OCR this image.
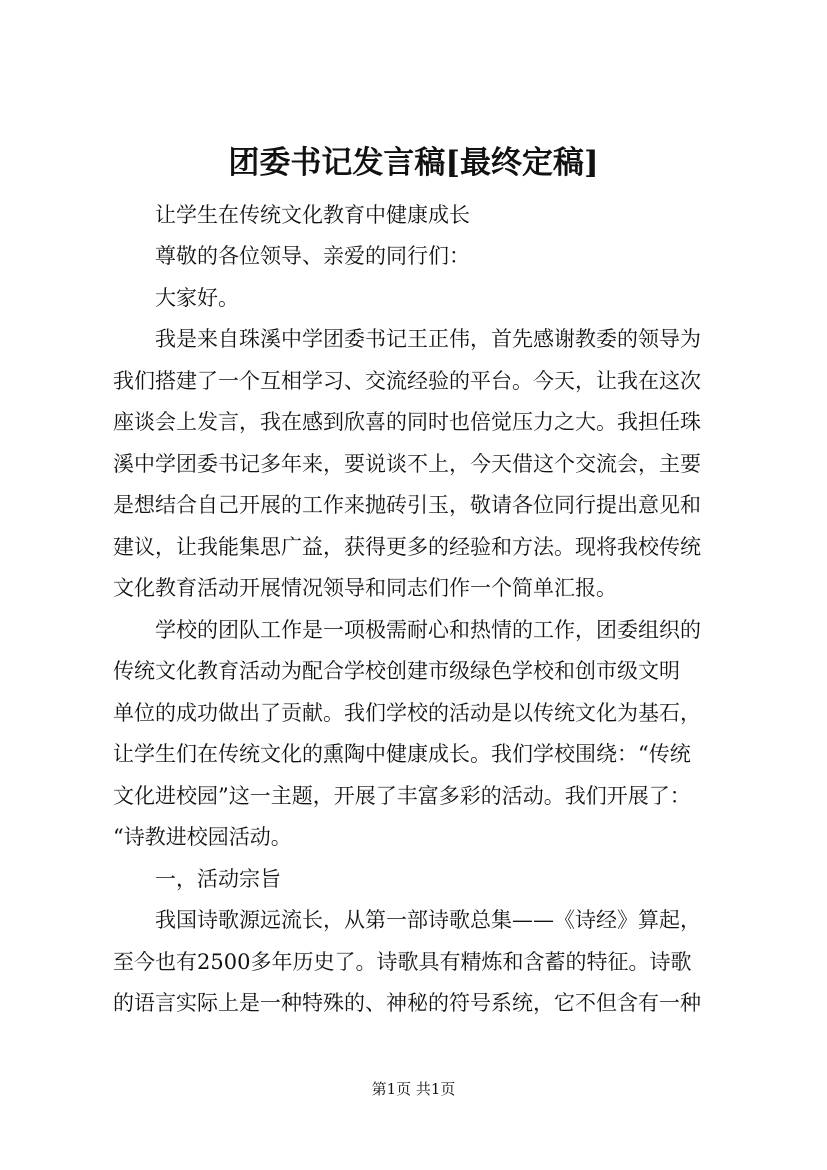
团委书记发言稿[最终定稿]
让学生在传统文化教育中健康成长
尊敬的各位领导、亲爱的同行们：
大家好。
我是来自珠溪中学团委书记王正伟，首先感谢教委的领导为
我们搭建了一个互相学习、交流经验的平台。今天，让我在这次
座谈会上发言，我在感到欣喜的同时也倍觉压力之大。我担任珠
溪中学团委书记多年来，要说谈不上，今天借这个交流会，主要
是想结合自己开展的工作来抛砖引玉，敬请各位同行提出意见和
建议，让我能集思广益，获得更多的经验和方法。现将我校传统
文化教育活动开展情况领导和同志们作一个简单汇报。
学校的团队工作是一项极需耐心和热情的工作，团委组织的
传统文化教育活动为配合学校创建市级绿色学校和创市级文明
单位的成功做出了贡献。我们学校的活动是以传统文化为基石，
让学生们在传统文化的熏陶中健康成长。我们学校围绕：“传统
文化进校园”这一主题，开展了丰富多彩的活动。我们开展了：
“诗教进校园活动。
一，活动宗旨
我国诗歌源远流长，从第一部诗歌总集——《诗经》算起，
至今也有2500多年历史了。诗歌具有精炼和含蓄的特征。诗歌
的语言实际上是一种特殊的、神秘的符号系统，它不但含有一种
第1页 共1页
